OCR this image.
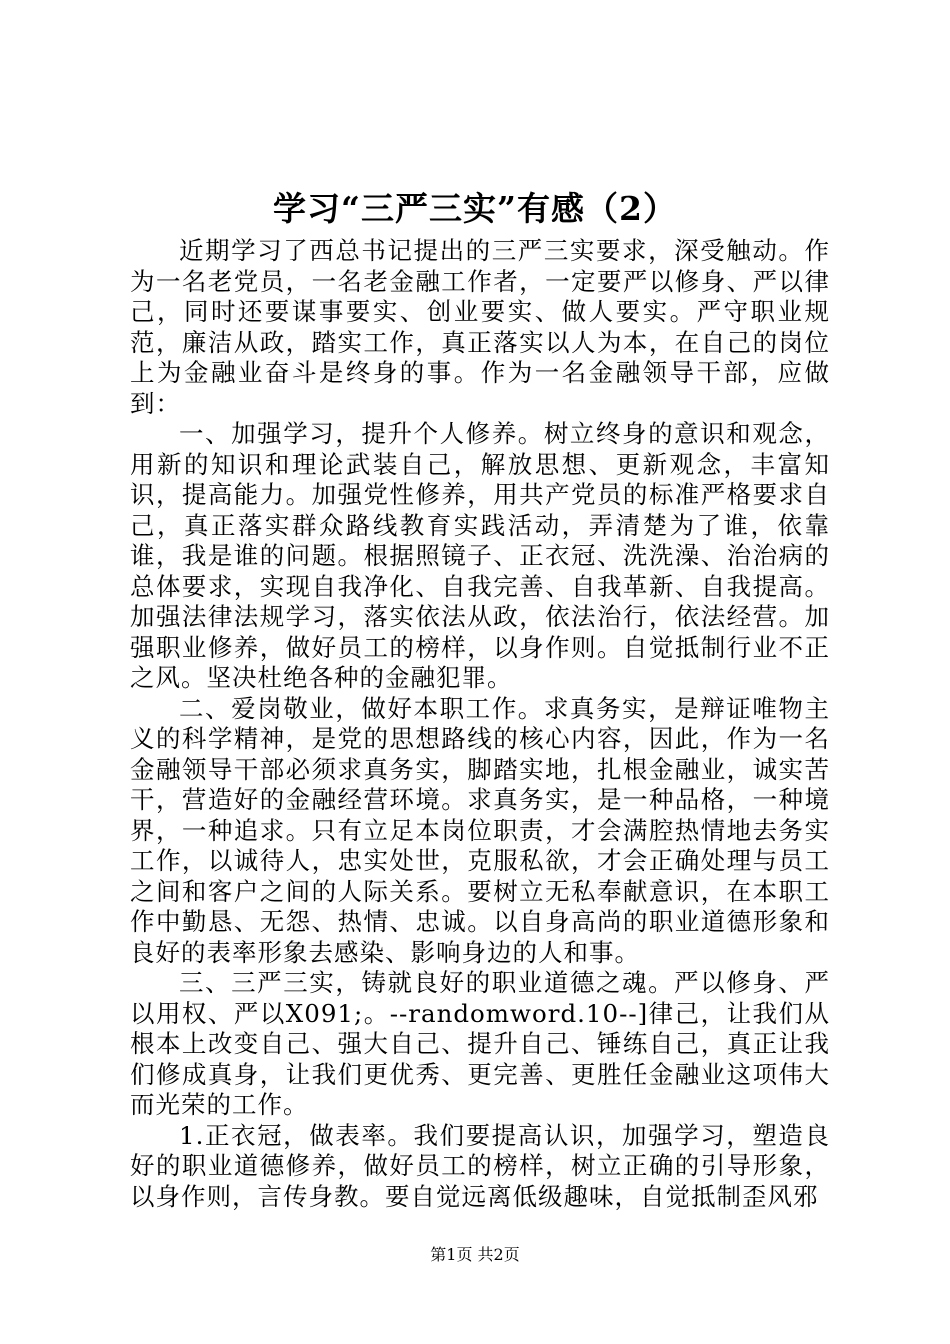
学习“三严三实”有感（2）

近期学习了西总书记提出的三严三实要求，深受触动。作为一名老党员，一名老金融工作者，一定要严以修身、严以律己，同时还要谋事要实、创业要实、做人要实。严守职业规范，廉洁从政，踏实工作，真正落实以人为本，在自己的岗位上为金融业奋斗是终身的事。作为一名金融领导干部，应做到：

一、加强学习，提升个人修养。树立终身的意识和观念，用新的知识和理论武装自己，解放思想、更新观念，丰富知识，提高能力。加强党性修养，用共产党员的标准严格要求自己，真正落实群众路线教育实践活动，弄清楚为了谁，依靠谁，我是谁的问题。根据照镜子、正衣冠、洗洗澡、治治病的总体要求，实现自我净化、自我完善、自我革新、自我提高。加强法律法规学习，落实依法从政，依法治行，依法经营。加强职业修养，做好员工的榜样，以身作则。自觉抵制行业不正之风。坚决杜绝各种的金融犯罪。

二、爱岗敬业，做好本职工作。求真务实，是辩证唯物主义的科学精神，是党的思想路线的核心内容，因此，作为一名金融领导干部必须求真务实，脚踏实地，扎根金融业，诚实苦干，营造好的金融经营环境。求真务实，是一种品格，一种境界，一种追求。只有立足本岗位职责，才会满腔热情地去务实工作，以诚待人，忠实处世，克服私欲，才会正确处理与员工之间和客户之间的人际关系。要树立无私奉献意识，在本职工作中勤恳、无怨、热情、忠诚。以自身高尚的职业道德形象和良好的表率形象去感染、影响身边的人和事。

三、三严三实，铸就良好的职业道德之魂。严以修身、严以用权、严以X091;。--randomword.10--]律己，让我们从根本上改变自己、强大自己、提升自己、锤练自己，真正让我们修成真身，让我们更优秀、更完善、更胜任金融业这项伟大而光荣的工作。

1.正衣冠，做表率。我们要提高认识，加强学习，塑造良好的职业道德修养，做好员工的榜样，树立正确的引导形象，以身作则，言传身教。要自觉远离低级趣味，自觉抵制歪风邪

第1页 共2页
